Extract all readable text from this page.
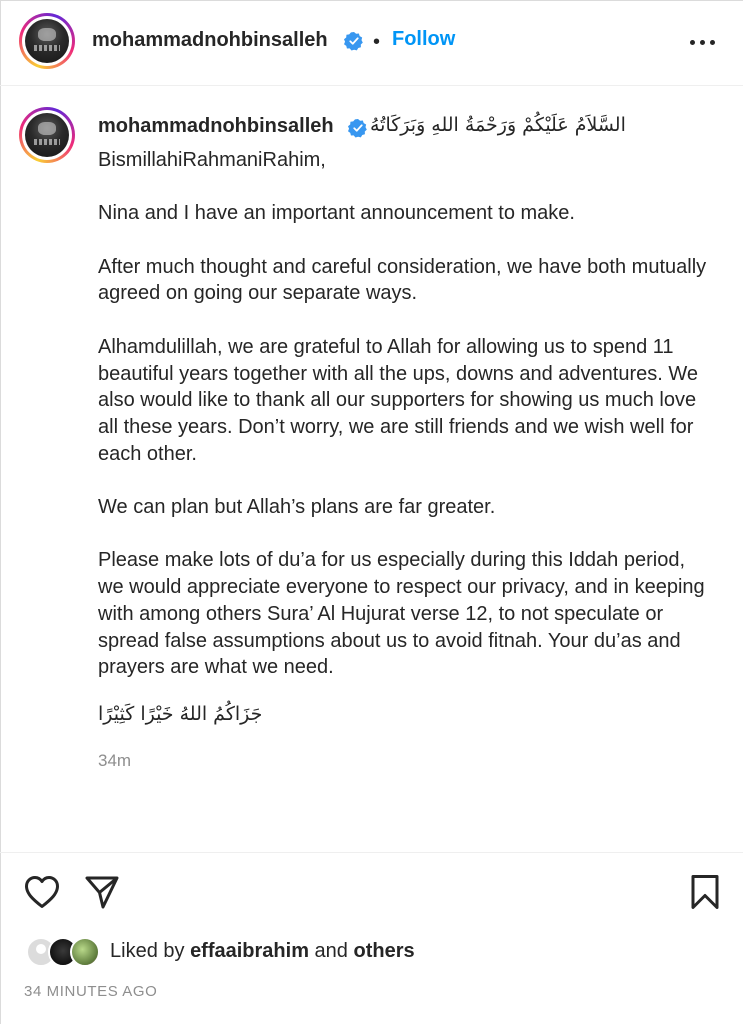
mohammadnohbinsalleh • Follow
mohammadnohbinsalleh السَّلاَمُ عَلَيْكُمْ وَرَحْمَةُ اللهِ وَبَرَكَاتُهُ

BismillahiRahmaniRahim,

Nina and I have an important announcement to make.

After much thought and careful consideration, we have both mutually agreed on going our separate ways.

Alhamdulillah, we are grateful to Allah for allowing us to spend 11 beautiful years together with all the ups, downs and adventures. We also would like to thank all our supporters for showing us much love all these years. Don’t worry, we are still friends and we wish well for each other.

We can plan but Allah’s plans are far greater.

Please make lots of du’a for us especially during this Iddah period, we would appreciate everyone to respect our privacy, and in keeping with among others Sura’ Al Hujurat verse 12, to not speculate or spread false assumptions about us to avoid fitnah. Your du’as and prayers are what we need.

جَزَاكُمُ اللهُ خَيْرًا كَثِيْرًا
34m
Liked by effaaibrahim and others
34 MINUTES AGO
